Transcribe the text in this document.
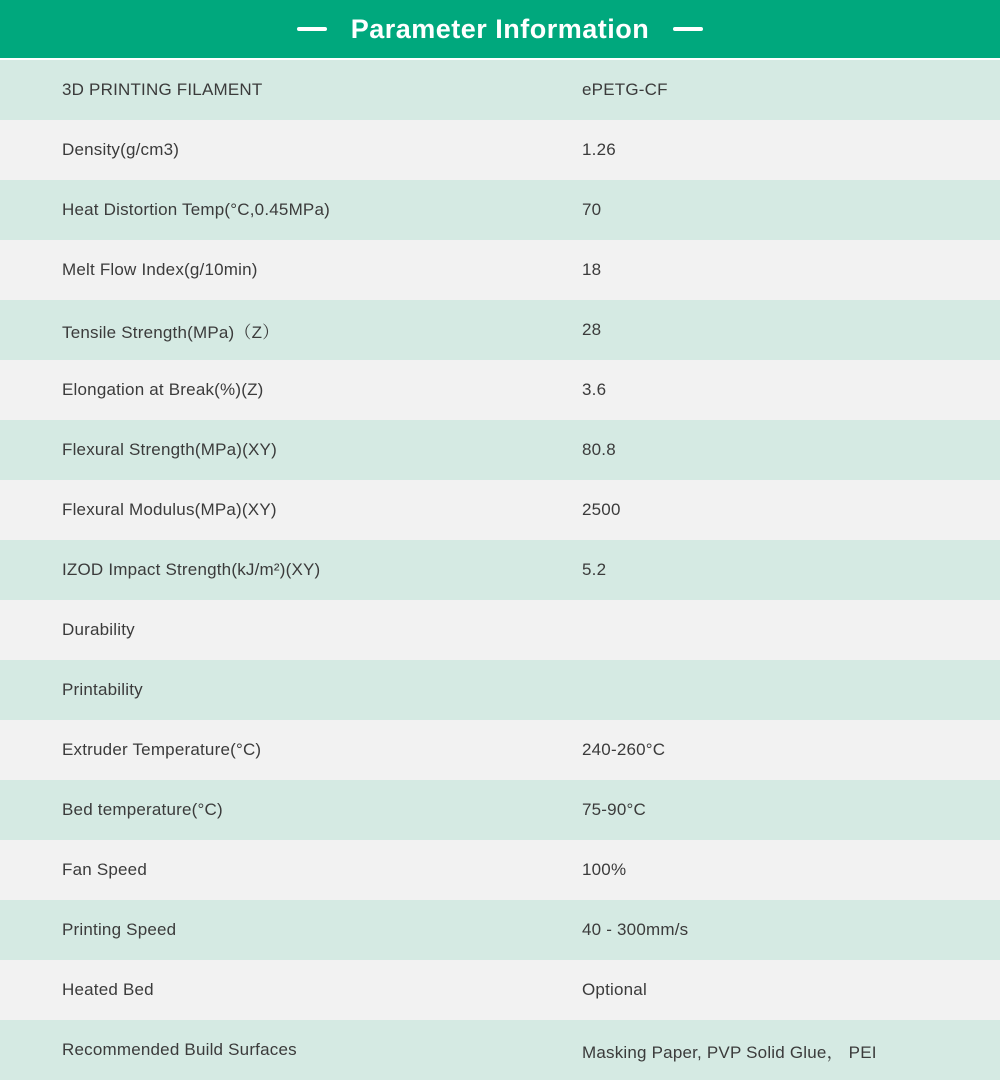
Parameter Information
3D PRINTING FILAMENT	ePETG-CF
Density(g/cm3)	1.26
Heat Distortion Temp(°C,0.45MPa)	70
Melt Flow Index(g/10min)	18
Tensile Strength(MPa)（Z）	28
Elongation at Break(%)(Z)	3.6
Flexural Strength(MPa)(XY)	80.8
Flexural Modulus(MPa)(XY)	2500
IZOD Impact Strength(kJ/m²)(XY)	5.2
Durability
Printability
Extruder Temperature(°C)	240-260°C
Bed temperature(°C)	75-90°C
Fan Speed	100%
Printing Speed	40 - 300mm/s
Heated Bed	Optional
Recommended Build Surfaces	Masking Paper, PVP Solid Glue， PEI
